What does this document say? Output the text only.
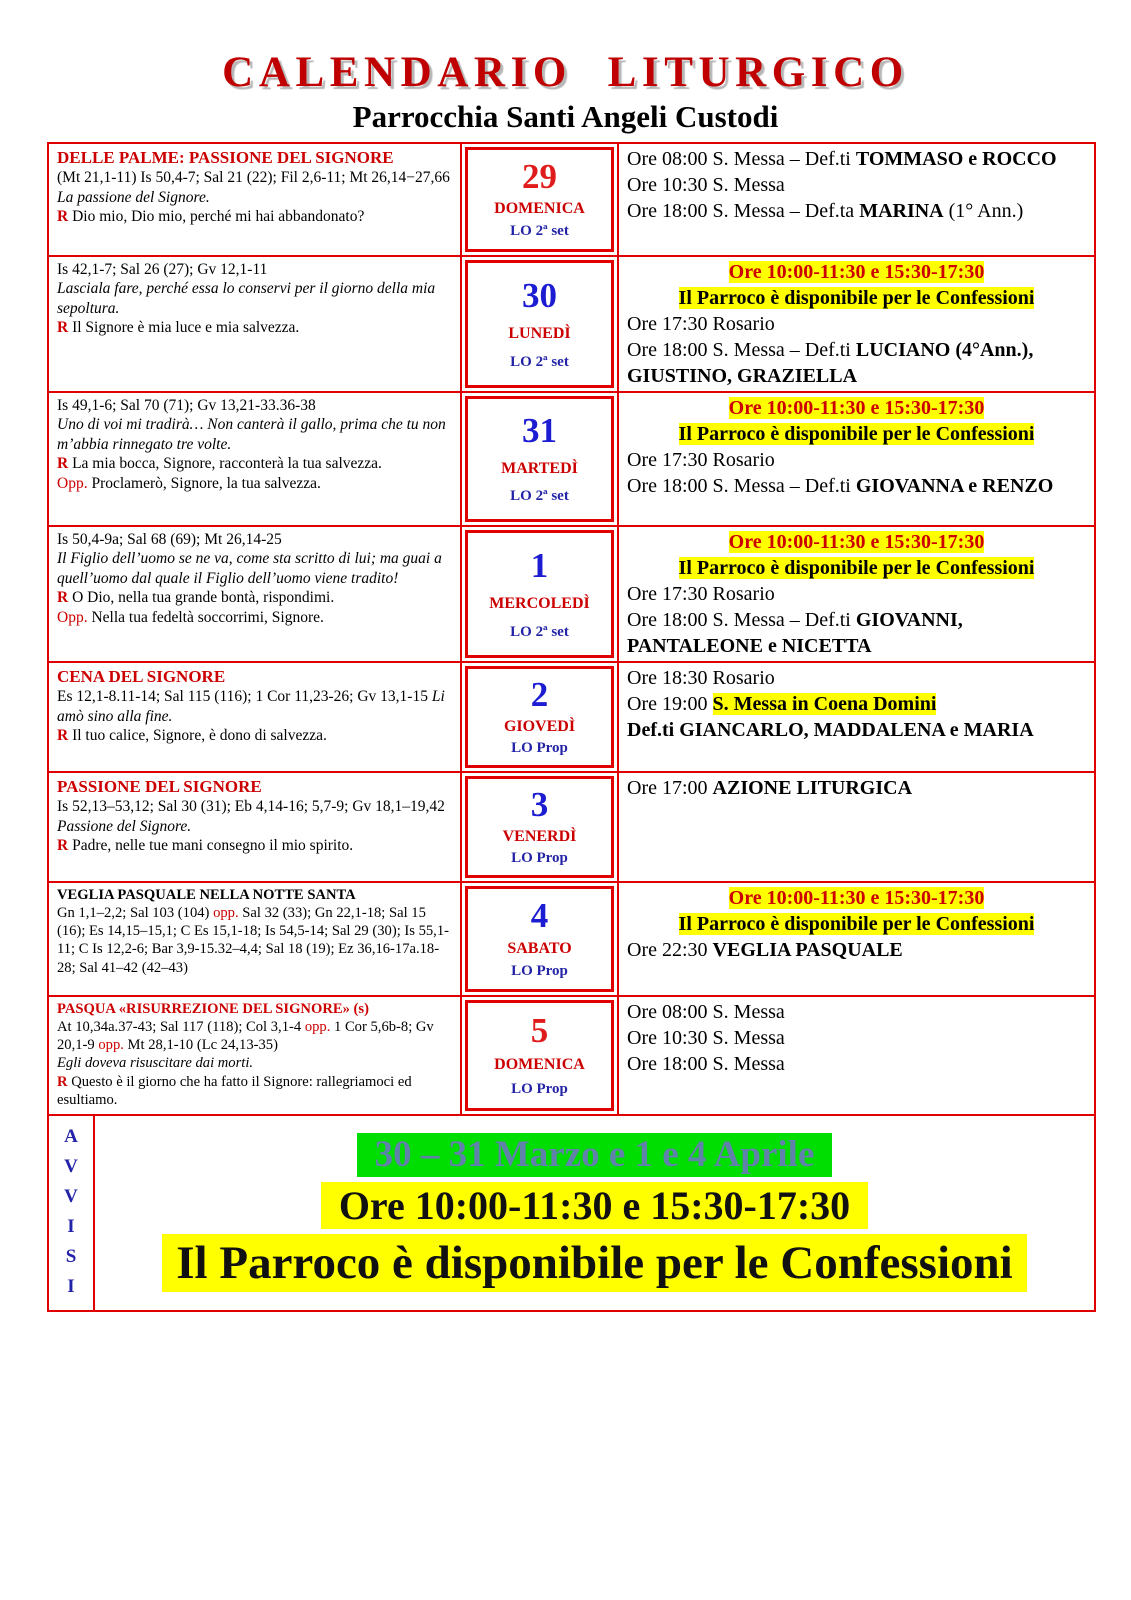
CALENDARIO LITURGICO
Parrocchia Santi Angeli Custodi
DELLE PALME: PASSIONE DEL SIGNORE
(Mt 21,1-11) Is 50,4-7; Sal 21 (22); Fil 2,6-11; Mt 26,14−27,66
La passione del Signore.
R Dio mio, Dio mio, perché mi hai abbandonato?
29
DOMENICA
LO 2ª set
Ore 08:00 S. Messa – Def.ti TOMMASO e ROCCO
Ore 10:30 S. Messa
Ore 18:00 S. Messa – Def.ta MARINA (1° Ann.)
Is 42,1-7; Sal 26 (27); Gv 12,1-11
Lasciala fare, perché essa lo conservi per il giorno della mia sepoltura.
R Il Signore è mia luce e mia salvezza.
30
LUNEDÌ
LO 2ª set
Ore 10:00-11:30 e 15:30-17:30
Il Parroco è disponibile per le Confessioni
Ore 17:30 Rosario
Ore 18:00 S. Messa – Def.ti LUCIANO (4°Ann.), GIUSTINO, GRAZIELLA
Is 49,1-6; Sal 70 (71); Gv 13,21-33.36-38
Uno di voi mi tradirà… Non canterà il gallo, prima che tu non m’abbia rinnegato tre volte.
R La mia bocca, Signore, racconterà la tua salvezza.
Opp. Proclamerò, Signore, la tua salvezza.
31
MARTEDÌ
LO 2ª set
Ore 10:00-11:30 e 15:30-17:30
Il Parroco è disponibile per le Confessioni
Ore 17:30 Rosario
Ore 18:00 S. Messa – Def.ti GIOVANNA e RENZO
Is 50,4-9a; Sal 68 (69); Mt 26,14-25
Il Figlio dell’uomo se ne va, come sta scritto di lui; ma guai a quell’uomo dal quale il Figlio dell’uomo viene tradito!
R O Dio, nella tua grande bontà, rispondimi.
Opp. Nella tua fedeltà soccorrimi, Signore.
1
MERCOLEDÌ
LO 2ª set
Ore 10:00-11:30 e 15:30-17:30
Il Parroco è disponibile per le Confessioni
Ore 17:30 Rosario
Ore 18:00 S. Messa – Def.ti GIOVANNI, PANTALEONE e NICETTA
CENA DEL SIGNORE
Es 12,1-8.11-14; Sal 115 (116); 1 Cor 11,23-26; Gv 13,1-15 Li amò sino alla fine.
R Il tuo calice, Signore, è dono di salvezza.
2
GIOVEDÌ
LO Prop
Ore 18:30 Rosario
Ore 19:00 S. Messa in Coena Domini
Def.ti GIANCARLO, MADDALENA e MARIA
PASSIONE DEL SIGNORE
Is 52,13–53,12; Sal 30 (31); Eb 4,14-16; 5,7-9; Gv 18,1–19,42
Passione del Signore.
R Padre, nelle tue mani consegno il mio spirito.
3
VENERDÌ
LO Prop
Ore 17:00 AZIONE LITURGICA
VEGLIA PASQUALE NELLA NOTTE SANTA
Gn 1,1–2,2; Sal 103 (104) opp. Sal 32 (33); Gn 22,1-18; Sal 15 (16); Es 14,15–15,1; C Es 15,1-18; Is 54,5-14; Sal 29 (30); Is 55,1-11; C Is 12,2-6; Bar 3,9-15.32–4,4; Sal 18 (19); Ez 36,16-17a.18-28; Sal 41–42 (42–43)
4
SABATO
LO Prop
Ore 10:00-11:30 e 15:30-17:30
Il Parroco è disponibile per le Confessioni
Ore 22:30 VEGLIA PASQUALE
PASQUA «RISURREZIONE DEL SIGNORE» (s)
At 10,34a.37-43; Sal 117 (118); Col 3,1-4 opp. 1 Cor 5,6b-8; Gv 20,1-9 opp. Mt 28,1-10 (Lc 24,13-35)
Egli doveva risuscitare dai morti.
R Questo è il giorno che ha fatto il Signore: rallegriamoci ed esultiamo.
5
DOMENICA
LO Prop
Ore 08:00 S. Messa
Ore 10:30 S. Messa
Ore 18:00 S. Messa
A
V
V
I
S
I
30 – 31 Marzo e 1 e 4 Aprile
Ore 10:00-11:30 e 15:30-17:30
Il Parroco è disponibile per le Confessioni
